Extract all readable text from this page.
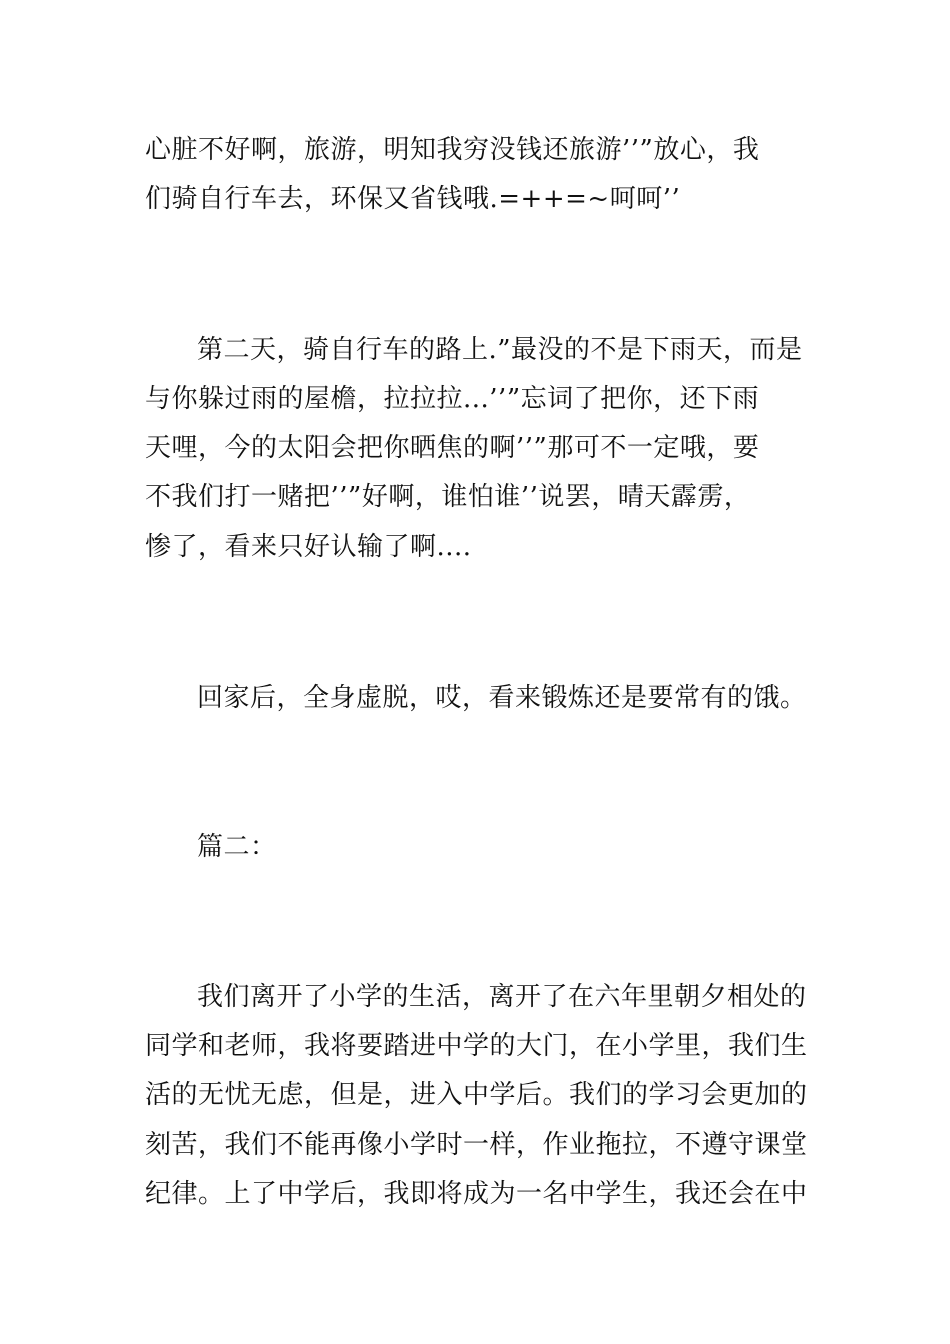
心脏不好啊，旅游，明知我穷没钱还旅游’’”放心，我
们骑自行车去，环保又省钱哦.=++=~呵呵’’
第二天，骑自行车的路上.”最没的不是下雨天，而是
与你躲过雨的屋檐，拉拉拉...’’”忘词了把你，还下雨
天哩，今的太阳会把你晒焦的啊’’”那可不一定哦，要
不我们打一赌把’’”好啊，谁怕谁’’说罢，晴天霹雳，
惨了，看来只好认输了啊....
回家后，全身虚脱，哎，看来锻炼还是要常有的饿。
篇二：
我们离开了小学的生活，离开了在六年里朝夕相处的
同学和老师，我将要踏进中学的大门，在小学里，我们生
活的无忧无虑，但是，进入中学后。我们的学习会更加的
刻苦，我们不能再像小学时一样，作业拖拉，不遵守课堂
纪律。上了中学后，我即将成为一名中学生，我还会在中
